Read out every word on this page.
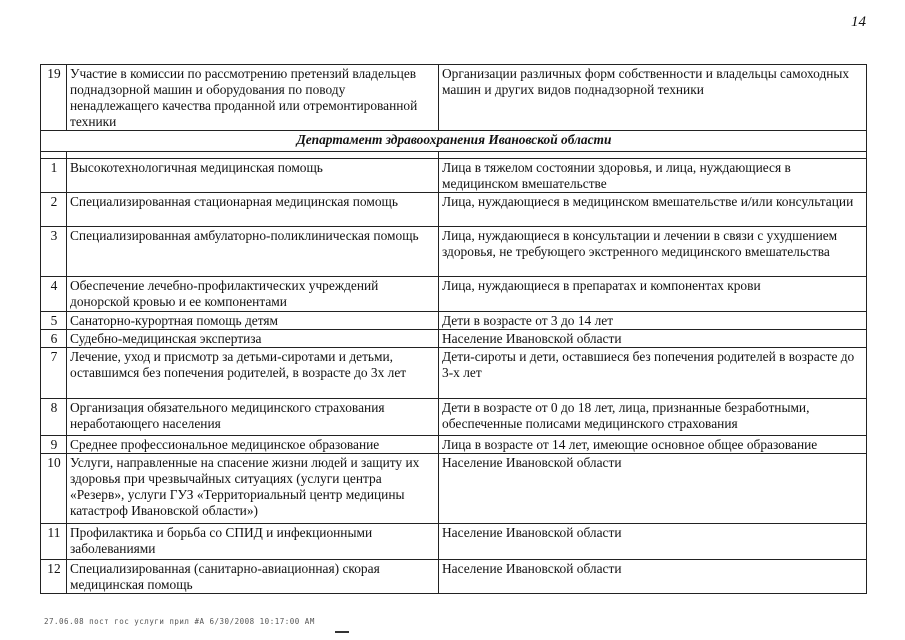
14
19	Участие в комиссии по рассмотрению претензий владельцев поднадзорной машин и оборудования по поводу ненадлежащего качества проданной или отремонтированной техники	Организации различных форм собственности и владельцы самоходных машин и других видов поднадзорной техники
Департамент здравоохранения Ивановской области		

1	Высокотехнологичная медицинская помощь	Лица в тяжелом состоянии здоровья, и лица, нуждающиеся в медицинском вмешательстве
2	Специализированная стационарная медицинская помощь	Лица, нуждающиеся в медицинском вмешательстве и/или консультации
3	Специализированная амбулаторно-поликлиническая помощь	Лица, нуждающиеся в консультации и лечении в связи с ухудшением здоровья, не требующего экстренного медицинского вмешательства
4	Обеспечение лечебно-профилактических учреждений донорской кровью и ее компонентами	Лица, нуждающиеся в препаратах и компонентах крови
5	Санаторно-курортная помощь детям	Дети в возрасте от 3 до 14 лет
6	Судебно-медицинская экспертиза	Население Ивановской области
7	Лечение, уход и присмотр за детьми-сиротами и детьми, оставшимся без попечения родителей, в возрасте до 3х лет	Дети-сироты и дети, оставшиеся без попечения родителей в возрасте до 3-х лет
8	Организация обязательного медицинского страхования неработающего населения	Дети в возрасте от 0 до 18 лет, лица, признанные безработными, обеспеченные полисами медицинского страхования
9	Среднее профессиональное медицинское образование	Лица в возрасте от 14 лет, имеющие основное общее образование
10	Услуги, направленные на спасение жизни людей и защиту их здоровья при чрезвычайных ситуациях (услуги центра «Резерв», услуги ГУЗ «Территориальный центр медицины катастроф Ивановской области»)	Население Ивановской области
11	Профилактика и борьба со СПИД и инфекционными заболеваниями	Население Ивановской области
12	Специализированная (санитарно-авиационная) скорая медицинская помощь	Население Ивановской области
27.06.08 пост гос услуги прил #А 6/30/2008 10:17:00 AM
